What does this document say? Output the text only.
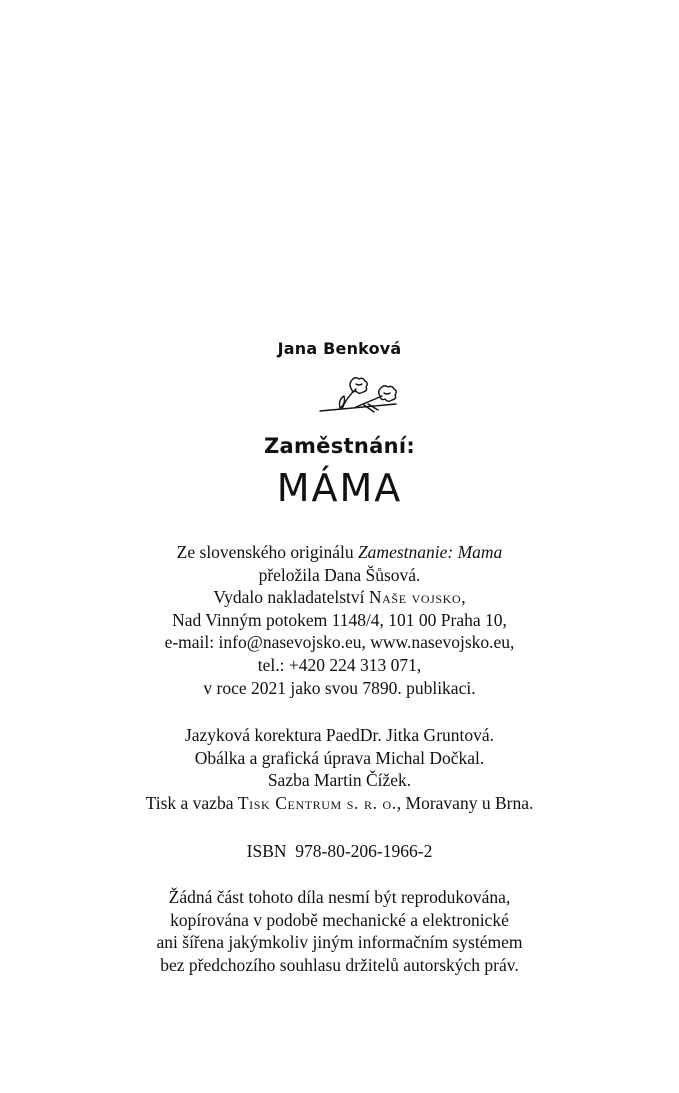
Jana Benková
Zaměstnání:
MÁMA
Ze slovenského originálu Zamestnanie: Mama
přeložila Dana Šůsová.
Vydalo nakladatelství Naše vojsko,
Nad Vinným potokem 1148/4, 101 00 Praha 10,
e-mail: info@nasevojsko.eu, www.nasevojsko.eu,
tel.: +420 224 313 071,
v roce 2021 jako svou 7890. publikaci.
Jazyková korektura PaedDr. Jitka Gruntová.
Obálka a grafická úprava Michal Dočkal.
Sazba Martin Čížek.
Tisk a vazba Tisk Centrum s. r. o., Moravany u Brna.
ISBN  978-80-206-1966-2
Žádná část tohoto díla nesmí být reprodukována,
kopírována v podobě mechanické a elektronické
ani šířena jakýmkoliv jiným informačním systémem
bez předchozího souhlasu držitelů autorských práv.
